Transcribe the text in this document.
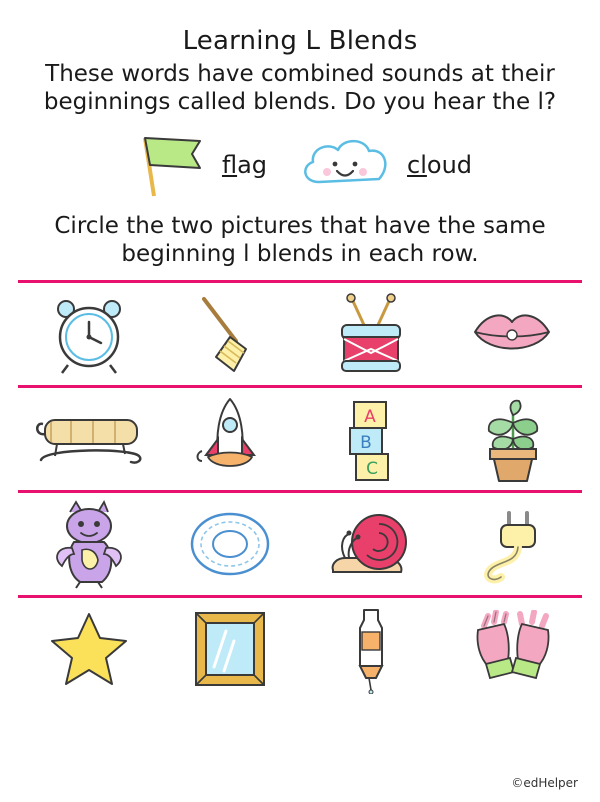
Learning L Blends

These words have combined sounds at their beginnings called blends. Do you hear the l?

flag	cloud

Circle the two pictures that have the same beginning l blends in each row.

A
B
C
©edHelper
